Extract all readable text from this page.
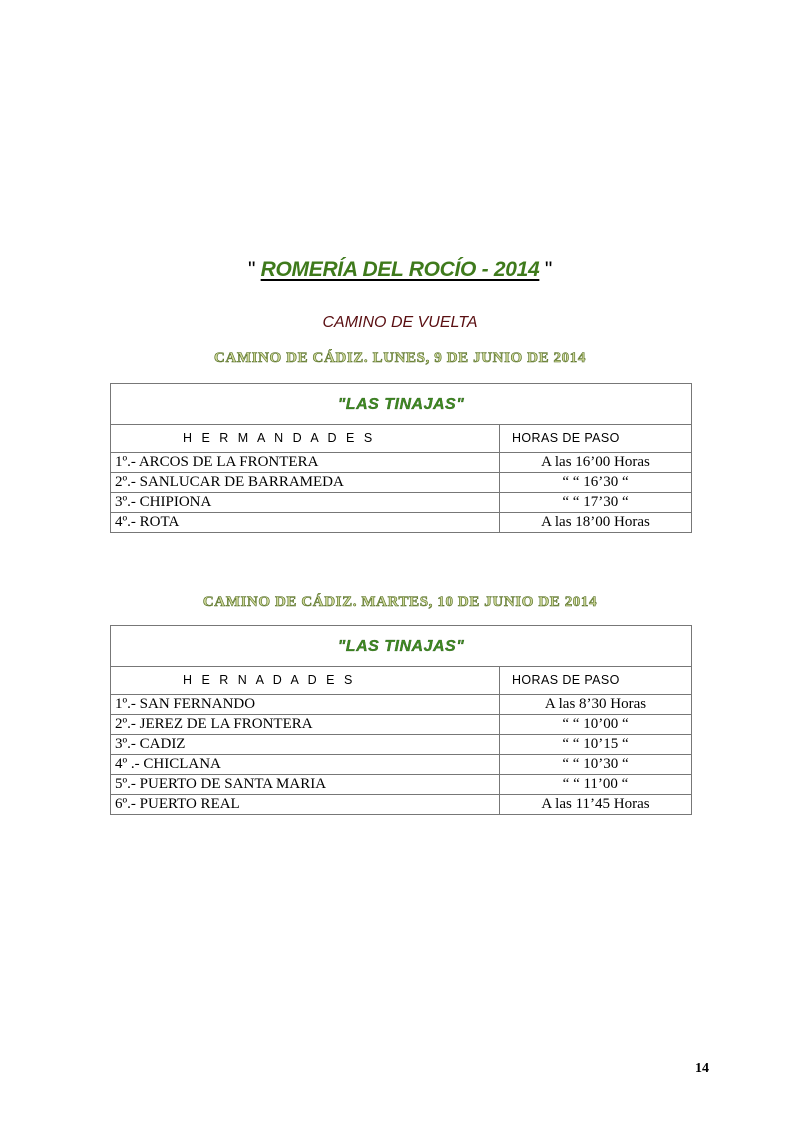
" ROMERÍA DEL ROCÍO - 2014 "
CAMINO DE VUELTA
CAMINO DE CÁDIZ. LUNES, 9 DE JUNIO DE 2014
"LAS TINAJAS"	
H E R M A N D A D E S	HORAS DE PASO
1º.- ARCOS DE LA FRONTERA	A las 16’00 Horas
2º.- SANLUCAR DE BARRAMEDA	“ “ 16’30 “
3º.- CHIPIONA	“ “ 17’30 “
4º.- ROTA	A las 18’00 Horas
CAMINO DE CÁDIZ. MARTES, 10 DE JUNIO DE 2014
"LAS TINAJAS"	
H E R N A D A D E S	HORAS DE PASO
1º.- SAN FERNANDO	A las 8’30 Horas
2º.- JEREZ DE LA FRONTERA	“ “ 10’00 “
3º.- CADIZ	“ “ 10’15 “
4º .- CHICLANA	“ “ 10’30 “
5º.- PUERTO DE SANTA MARIA	“ “ 11’00 “
6º.- PUERTO REAL	A las 11’45 Horas
14
